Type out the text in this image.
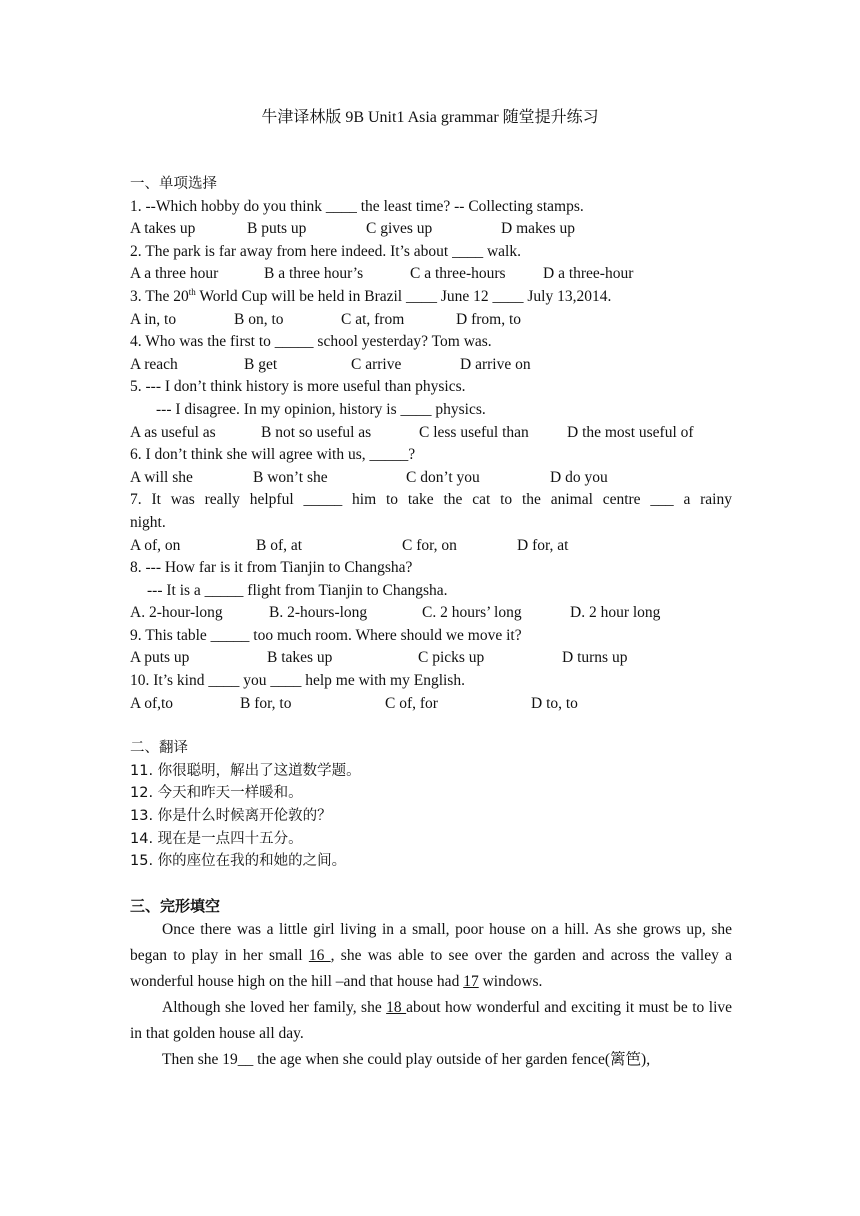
牛津译林版 9B Unit1 Asia grammar 随堂提升练习
一、单项选择
1. --Which hobby do you think ____ the least time? -- Collecting stamps.
A takes up	B puts up	C gives up	D makes up
2. The park is far away from here indeed. It’s about ____ walk.
A a three hour	B a three hour’s	C a three-hours	D a three-hour
3. The 20th World Cup will be held in Brazil ____ June 12 ____ July 13,2014.
A in, to	B on, to	C at, from	D from, to
4. Who was the first to _____ school yesterday? Tom was.
A reach	B get	C arrive	D arrive on
5. --- I don’t think history is more useful than physics.
--- I disagree. In my opinion, history is ____ physics.
A as useful as	B not so useful as	C less useful than	D the most useful of
6. I don’t think she will agree with us, _____?
A will she	B won’t she	C don’t you	D do you
7. It was really helpful _____ him to take the cat to the animal centre ___ a rainy
night.
A of, on	B of, at	C for, on	D for, at
8. --- How far is it from Tianjin to Changsha?
--- It is a _____ flight from Tianjin to Changsha.
A. 2-hour-long	B. 2-hours-long	C. 2 hours’ long	D. 2 hour long
9. This table _____ too much room. Where should we move it?
A puts up	B takes up	C picks up	D turns up
10. It’s kind ____ you ____ help me with my English.
A of,to	B for, to	C of, for	D to, to
二、翻译
11. 你很聪明，解出了这道数学题。
12. 今天和昨天一样暖和。
13. 你是什么时候离开伦敦的？
14. 现在是一点四十五分。
15. 你的座位在我的和她的之间。
三、完形填空
Once there was a little girl living in a small, poor house on a hill. As she grows up, she began to play in her small 16 , she was able to see over the garden and across the valley a wonderful house high on the hill –and that house had 17 windows.
Although she loved her family, she 18 about how wonderful and exciting it must be to live in that golden house all day.
Then she 19__ the age when she could play outside of her garden fence(篱笆),
